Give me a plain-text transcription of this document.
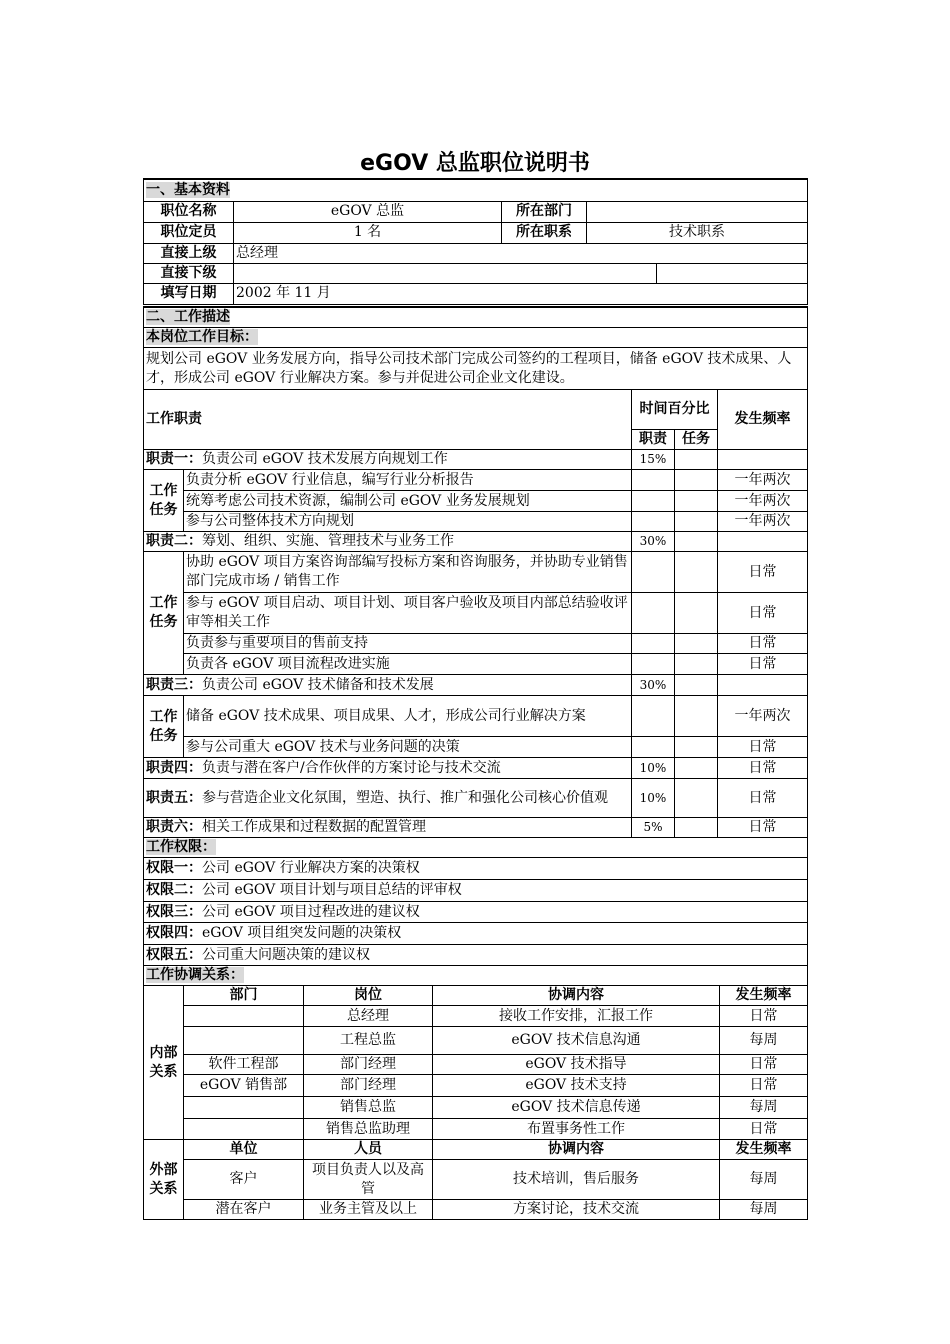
eGOV 总监职位说明书
一、基本资料				
职位名称	eGOV 总监	所在部门		
职位定员	1 名	所在职系	技术职系	
直接上级	总经理			
直接下级				
填写日期	2002 年 11 月			
二、工作描述				
本岗位工作目标：				
规划公司 eGOV 业务发展方向，指导公司技术部门完成公司签约的工程项目，储备 eGOV 技术成果、人才，形成公司 eGOV 行业解决方案。参与并促进公司企业文化建设。				
工作职责		时间百分比		发生频率
		职责	任务	
职责一：负责公司 eGOV 技术发展方向规划工作		15%		
工作任务	负责分析 eGOV 行业信息，编写行业分析报告			一年两次
	统筹考虑公司技术资源，编制公司 eGOV 业务发展规划			一年两次
	参与公司整体技术方向规划			一年两次
职责二：筹划、组织、实施、管理技术与业务工作		30%		
工作任务	协助 eGOV 项目方案咨询部编写投标方案和咨询服务，并协助专业销售部门完成市场 / 销售工作			日常
	参与 eGOV 项目启动、项目计划、项目客户验收及项目内部总结验收评审等相关工作			日常
	负责参与重要项目的售前支持			日常
	负责各 eGOV 项目流程改进实施			日常
职责三：负责公司 eGOV 技术储备和技术发展		30%		
工作任务	储备 eGOV 技术成果、项目成果、人才，形成公司行业解决方案			一年两次
	参与公司重大 eGOV 技术与业务问题的决策			日常
职责四：负责与潜在客户/合作伙伴的方案讨论与技术交流		10%		日常
职责五：参与营造企业文化氛围，塑造、执行、推广和强化公司核心价值观		10%		日常
职责六：相关工作成果和过程数据的配置管理		5%		日常
工作权限：				
权限一：公司 eGOV 行业解决方案的决策权				
权限二：公司 eGOV 项目计划与项目总结的评审权				
权限三：公司 eGOV 项目过程改进的建议权				
权限四：eGOV 项目组突发问题的决策权				
权限五：公司重大问题决策的建议权				
工作协调关系：				
内部关系	部门	岗位	协调内容	发生频率
		总经理	接收工作安排，汇报工作	日常
		工程总监	eGOV 技术信息沟通	每周
	软件工程部	部门经理	eGOV 技术指导	日常
	eGOV 销售部	部门经理	eGOV 技术支持	日常
		销售总监	eGOV 技术信息传递	每周
		销售总监助理	布置事务性工作	日常
外部关系	单位	人员	协调内容	发生频率
	客户	项目负责人以及高管	技术培训，售后服务	每周
	潜在客户	业务主管及以上	方案讨论，技术交流	每周
